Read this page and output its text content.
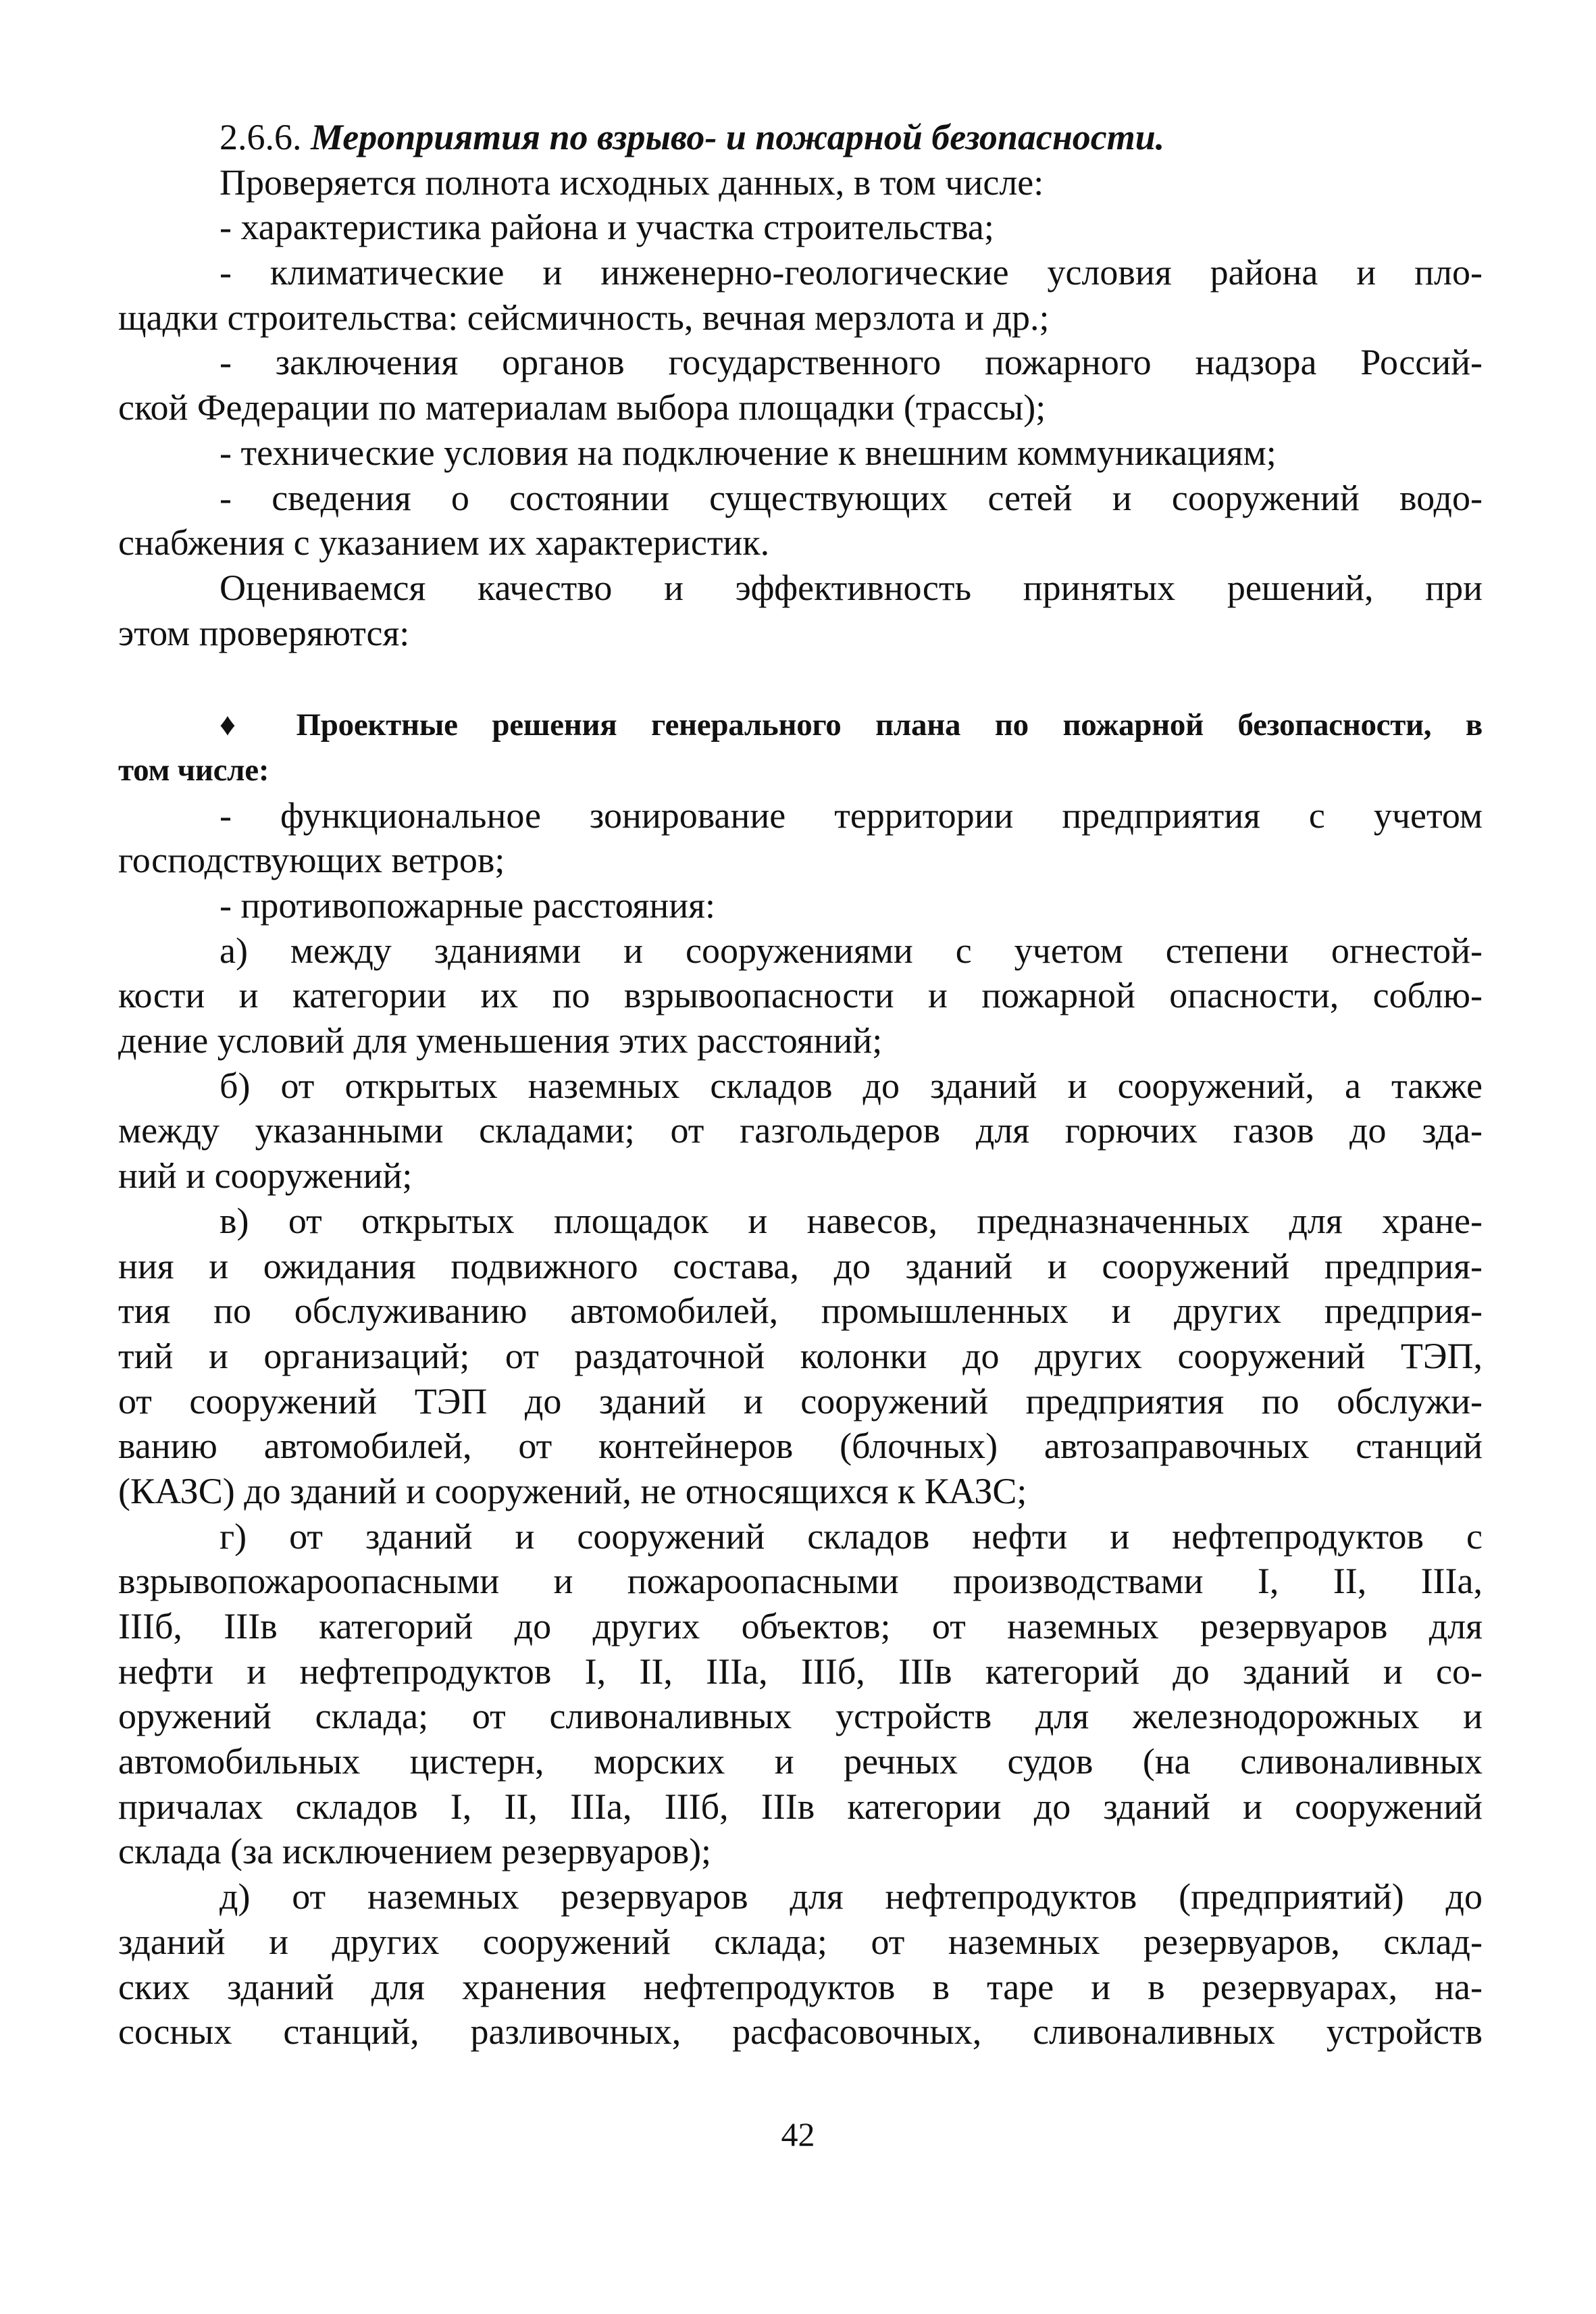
2.6.6. Мероприятия по взрыво- и пожарной безопасности.
Проверяется полнота исходных данных, в том числе:
- характеристика района и участка строительства;
- климатические и инженерно-геологические условия района и пло-
щадки строительства: сейсмичность, вечная мерзлота и др.;
- заключения органов государственного пожарного надзора Россий-
ской Федерации по материалам выбора площадки (трассы);
- технические условия на подключение к внешним коммуникациям;
- сведения о состоянии существующих сетей и сооружений водо-
снабжения с указанием их характеристик.
Оцениваемся качество и эффективность принятых решений, при
этом проверяются:
♦ Проектные решения генерального плана по пожарной безопасности, в
том числе:
- функциональное зонирование территории предприятия с учетом
господствующих ветров;
- противопожарные расстояния:
а) между зданиями и сооружениями с учетом степени огнестой-
кости и категории их по взрывоопасности и пожарной опасности, соблю-
дение условий для уменьшения этих расстояний;
б) от открытых наземных складов до зданий и сооружений, а также
между указанными складами; от газгольдеров для горючих газов до зда-
ний и сооружений;
в) от открытых площадок и навесов, предназначенных для хране-
ния и ожидания подвижного состава, до зданий и сооружений предприя-
тия по обслуживанию автомобилей, промышленных и других предприя-
тий и организаций; от раздаточной колонки до других сооружений ТЭП,
от сооружений ТЭП до зданий и сооружений предприятия по обслужи-
ванию автомобилей, от контейнеров (блочных) автозаправочных станций
(КАЗС) до зданий и сооружений, не относящихся к КАЗС;
г) от зданий и сооружений складов нефти и нефтепродуктов с
взрывопожароопасными и пожароопасными производствами I, II, IIIа,
IIIб, IIIв категорий до других объектов; от наземных резервуаров для
нефти и нефтепродуктов I, II, IIIа, IIIб, IIIв категорий до зданий и со-
оружений склада; от сливоналивных устройств для железнодорожных и
автомобильных цистерн, морских и речных судов (на сливоналивных
причалах складов I, II, IIIа, IIIб, IIIв категории до зданий и сооружений
склада (за исключением резервуаров);
д) от наземных резервуаров для нефтепродуктов (предприятий) до
зданий и других сооружений склада; от наземных резервуаров, склад-
ских зданий для хранения нефтепродуктов в таре и в резервуарах, на-
сосных станций, разливочных, расфасовочных, сливоналивных устройств
42
